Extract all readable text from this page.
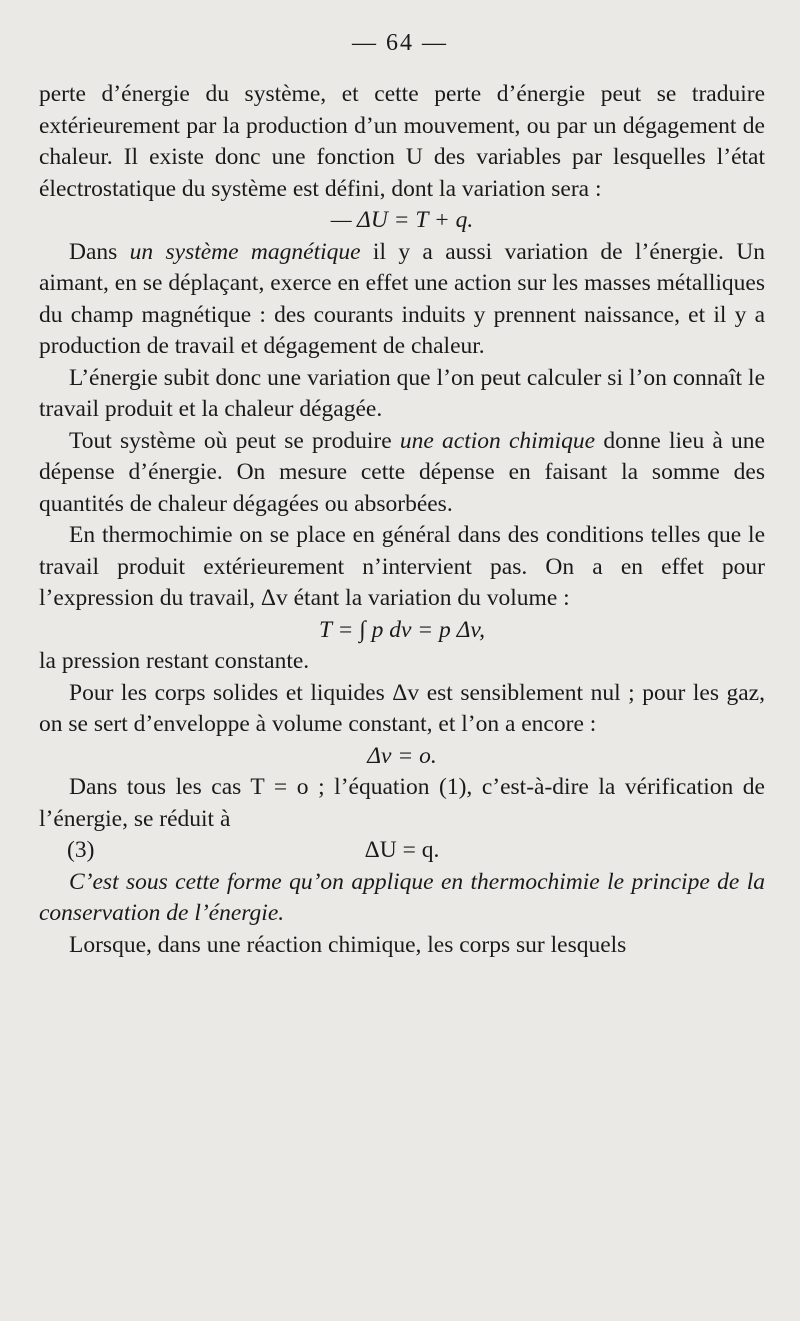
— 64 —

perte d’énergie du système, et cette perte d’énergie peut se traduire extérieurement par la production d’un mouvement, ou par un dégagement de chaleur. Il existe donc une fonction U des variables par lesquelles l’état électrostatique du système est défini, dont la variation sera :

— ΔU = T + q.

Dans un système magnétique il y a aussi variation de l’énergie. Un aimant, en se déplaçant, exerce en effet une action sur les masses métalliques du champ magnétique : des courants induits y prennent naissance, et il y a production de travail et dégagement de chaleur.

L’énergie subit donc une variation que l’on peut calculer si l’on connaît le travail produit et la chaleur dégagée.

Tout système où peut se produire une action chimique donne lieu à une dépense d’énergie. On mesure cette dépense en faisant la somme des quantités de chaleur dégagées ou absorbées.

En thermochimie on se place en général dans des conditions telles que le travail produit extérieurement n’intervient pas. On a en effet pour l’expression du travail, Δv étant la variation du volume :

T = ∫ p dv = p Δv,

la pression restant constante.

Pour les corps solides et liquides Δv est sensiblement nul ; pour les gaz, on se sert d’enveloppe à volume constant, et l’on a encore :

Δv = o.

Dans tous les cas T = o ; l’équation (1), c’est-à-dire la vérification de l’énergie, se réduit à

(3)	ΔU = q.

C’est sous cette forme qu’on applique en thermochimie le principe de la conservation de l’énergie.

Lorsque, dans une réaction chimique, les corps sur lesquels
